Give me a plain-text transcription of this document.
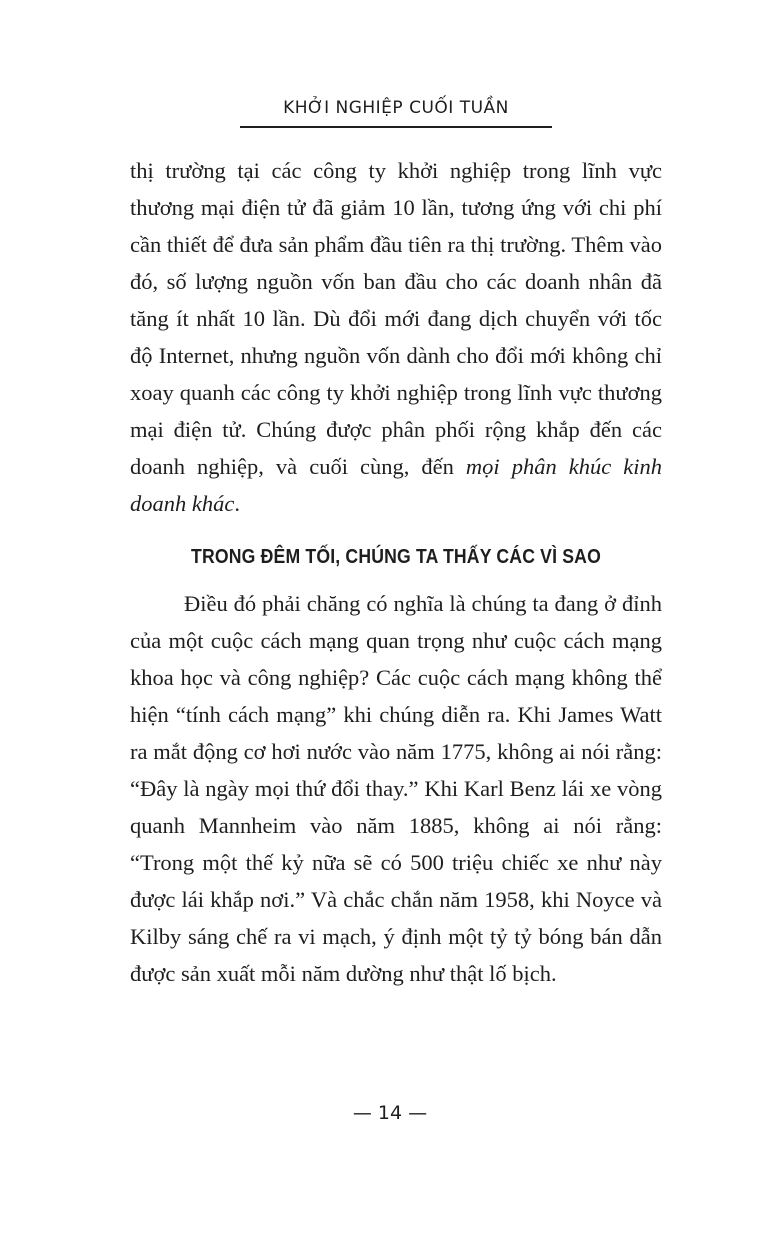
KHỞI NGHIỆP CUỐI TUẦN

thị trường tại các công ty khởi nghiệp trong lĩnh vực thương mại điện tử đã giảm 10 lần, tương ứng với chi phí cần thiết để đưa sản phẩm đầu tiên ra thị trường. Thêm vào đó, số lượng nguồn vốn ban đầu cho các doanh nhân đã tăng ít nhất 10 lần. Dù đổi mới đang dịch chuyển với tốc độ Internet, nhưng nguồn vốn dành cho đổi mới không chỉ xoay quanh các công ty khởi nghiệp trong lĩnh vực thương mại điện tử. Chúng được phân phối rộng khắp đến các doanh nghiệp, và cuối cùng, đến mọi phân khúc kinh doanh khác.

TRONG ĐÊM TỐI, CHÚNG TA THẤY CÁC VÌ SAO

Điều đó phải chăng có nghĩa là chúng ta đang ở đỉnh của một cuộc cách mạng quan trọng như cuộc cách mạng khoa học và công nghiệp? Các cuộc cách mạng không thể hiện “tính cách mạng” khi chúng diễn ra. Khi James Watt ra mắt động cơ hơi nước vào năm 1775, không ai nói rằng: “Đây là ngày mọi thứ đổi thay.” Khi Karl Benz lái xe vòng quanh Mannheim vào năm 1885, không ai nói rằng: “Trong một thế kỷ nữa sẽ có 500 triệu chiếc xe như này được lái khắp nơi.” Và chắc chắn năm 1958, khi Noyce và Kilby sáng chế ra vi mạch, ý định một tỷ tỷ bóng bán dẫn được sản xuất mỗi năm dường như thật lố bịch.

— 14 —
